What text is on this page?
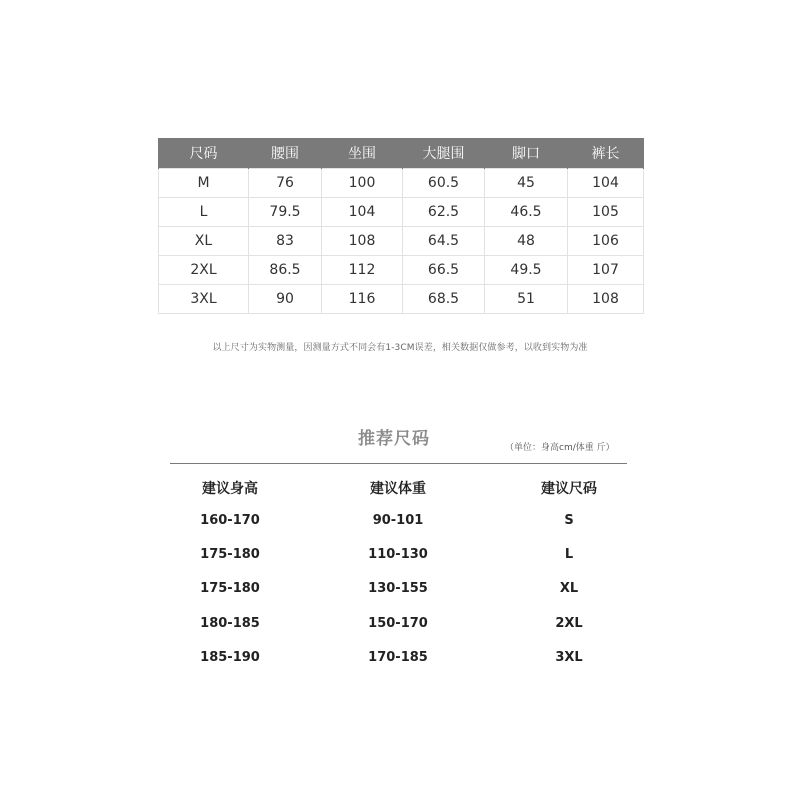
尺码	腰围	坐围	大腿围	脚口	裤长
M	76	100	60.5	45	104
L	79.5	104	62.5	46.5	105
XL	83	108	64.5	48	106
2XL	86.5	112	66.5	49.5	107
3XL	90	116	68.5	51	108
以上尺寸为实物测量，因测量方式不同会有1-3CM误差，相关数据仅做参考，以收到实物为准
推荐尺码	（单位：身高cm/体重 斤）
建议身高	建议体重	建议尺码
160-170	90-101	S
175-180	110-130	L
175-180	130-155	XL
180-185	150-170	2XL
185-190	170-185	3XL
